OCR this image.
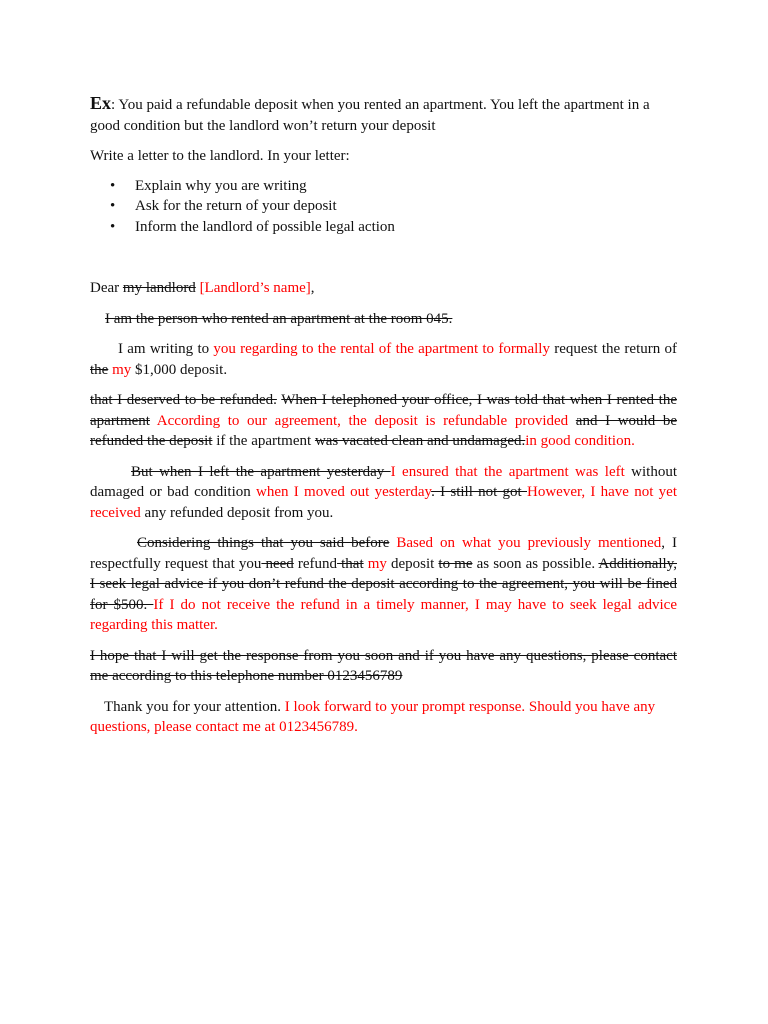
Ex: You paid a refundable deposit when you rented an apartment. You left the apartment in a good condition but the landlord won’t return your deposit

Write a letter to the landlord. In your letter:

• Explain why you are writing
• Ask for the return of your deposit
• Inform the landlord of possible legal action

Dear my landlord [Landlord’s name],

I am the person who rented an apartment at the room 045.

I am writing to you regarding to the rental of the apartment to formally request the return of the my $1,000 deposit.

that I deserved to be refunded. When I telephoned your office, I was told that when I rented the apartment According to our agreement, the deposit is refundable provided and I would be refunded the deposit if the apartment was vacated clean and undamaged.in good condition.

But when I left the apartment yesterday I ensured that the apartment was left without damaged or bad condition when I moved out yesterday. I still not got However, I have not yet received any refunded deposit from you.

Considering things that you said before Based on what you previously mentioned, I respectfully request that you need refund that my deposit to me as soon as possible. Additionally, I seek legal advice if you don’t refund the deposit according to the agreement, you will be fined for $500. If I do not receive the refund in a timely manner, I may have to seek legal advice regarding this matter.

I hope that I will get the response from you soon and if you have any questions, please contact me according to this telephone number 0123456789

Thank you for your attention. I look forward to your prompt response. Should you have any questions, please contact me at 0123456789.
